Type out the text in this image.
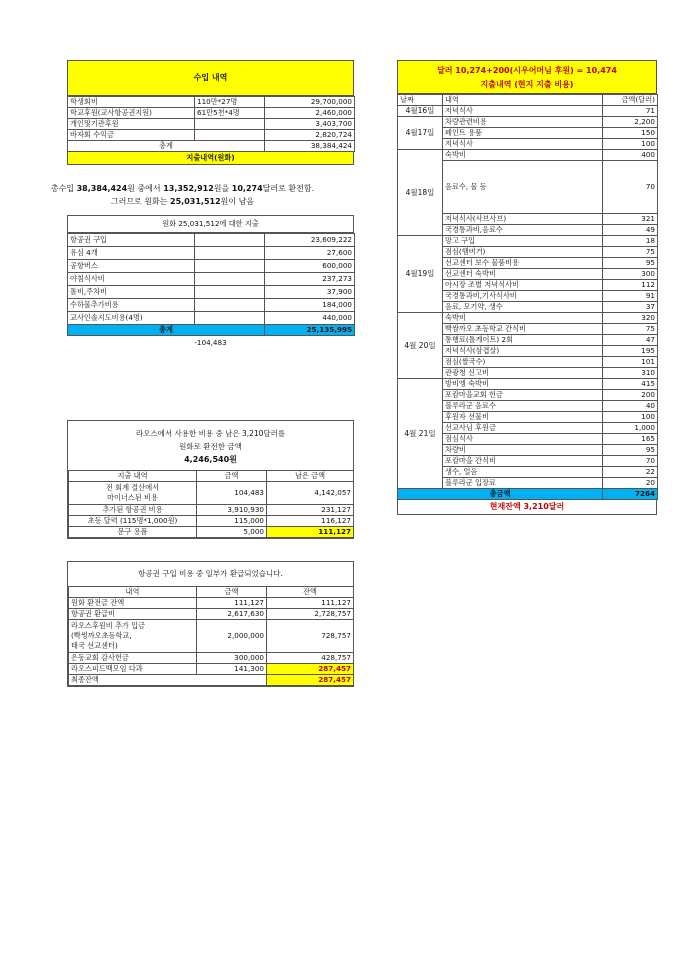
수입 내역
학생회비	110만*27명	29,700,000
학교후원(교사항공권지원)	61만5천*4명	2,460,000
개인및기관후원		3,403,700
바자회 수익금		2,820,724
총계		38,384,424
지출내역(원화)
총수입 38,384,424원 중에서 13,352,912원을 10,274달러로 환전함.
그러므로 원화는 25,031,512원이 남음
원화 25,031,512에 대한 지출
항공권 구입		23,609,222
유심 4개		27,600
공항버스		600,000
야침식사비		237,273
톨비,주차비		37,900
수하물추가비용		184,000
교사인솔지도비용(4명)		440,000
총계		25,135,995
-104,483
라오스에서 사용한 비용 중 남은 3,210달러를
원화로 환전한 금액
4,246,540원
지출 내역	금액	남은 금액
전 회계 결산에서
마이너스된 비용	104,483	4,142,057
추가된 항공권 비용	3,910,930	231,127
초등 달력 (115명*1,000원)	115,000	116,127
문구 용품	5,000	111,127
항공권 구입 비용 중 일부가 환급되었습니다.
내역	금액	잔액
원화 환전금 잔액	111,127	111,127
항공권 환급비	2,617,630	2,728,757
라오스후원비 추가 입금
(빡썽까오초등학교,
태국 선교센터)	2,000,000	728,757
은동교회 감사헌금	300,000	428,757
라오스피드백모임 다과	141,300	287,457
최종잔액		287,457
달러 10,274+200(시우어머님 후원) = 10,474
지출내역 (현지 지출 비용)
날짜	내역	금액(달러)
4월16일	저녁식사	71
4월17일	차량관련비용	2,200
	페인트 용품	150
	저녁식사	100
4월18일	숙박비	400
	음료수, 물 등	70
	저녁식사(사브사브)	321
	국경통과비,음료수	49
4월19일	망고 구입	18
	점심(햄버거)	75
	선교센터 보수 물품비용	95
	선교센터 숙박비	300
	아시장 조별 저녁식사비	112
	국경통과비,기사식사비	91
	음료, 모기약, 생수	37
4월 20일	숙박비	320
	빡쌈까오 초등학교 간식비	75
	통행료(톨게이트) 2회	47
	저녁식사(삼겹살)	195
	점심(쌀국수)	101
	관광청 신고비	310
4월 21일	방비엥 숙박비	415
	포캄마을교회 헌금	200
	블루라군 음료수	40
	후원자 선물비	100
	선교사님 후원금	1,000
	점심식사	165
	차량비	95
	포캄마을 간식비	70
	생수, 얼음	22
	블루라군 입장료	20
총금액		7264
현재잔액 3,210달러
